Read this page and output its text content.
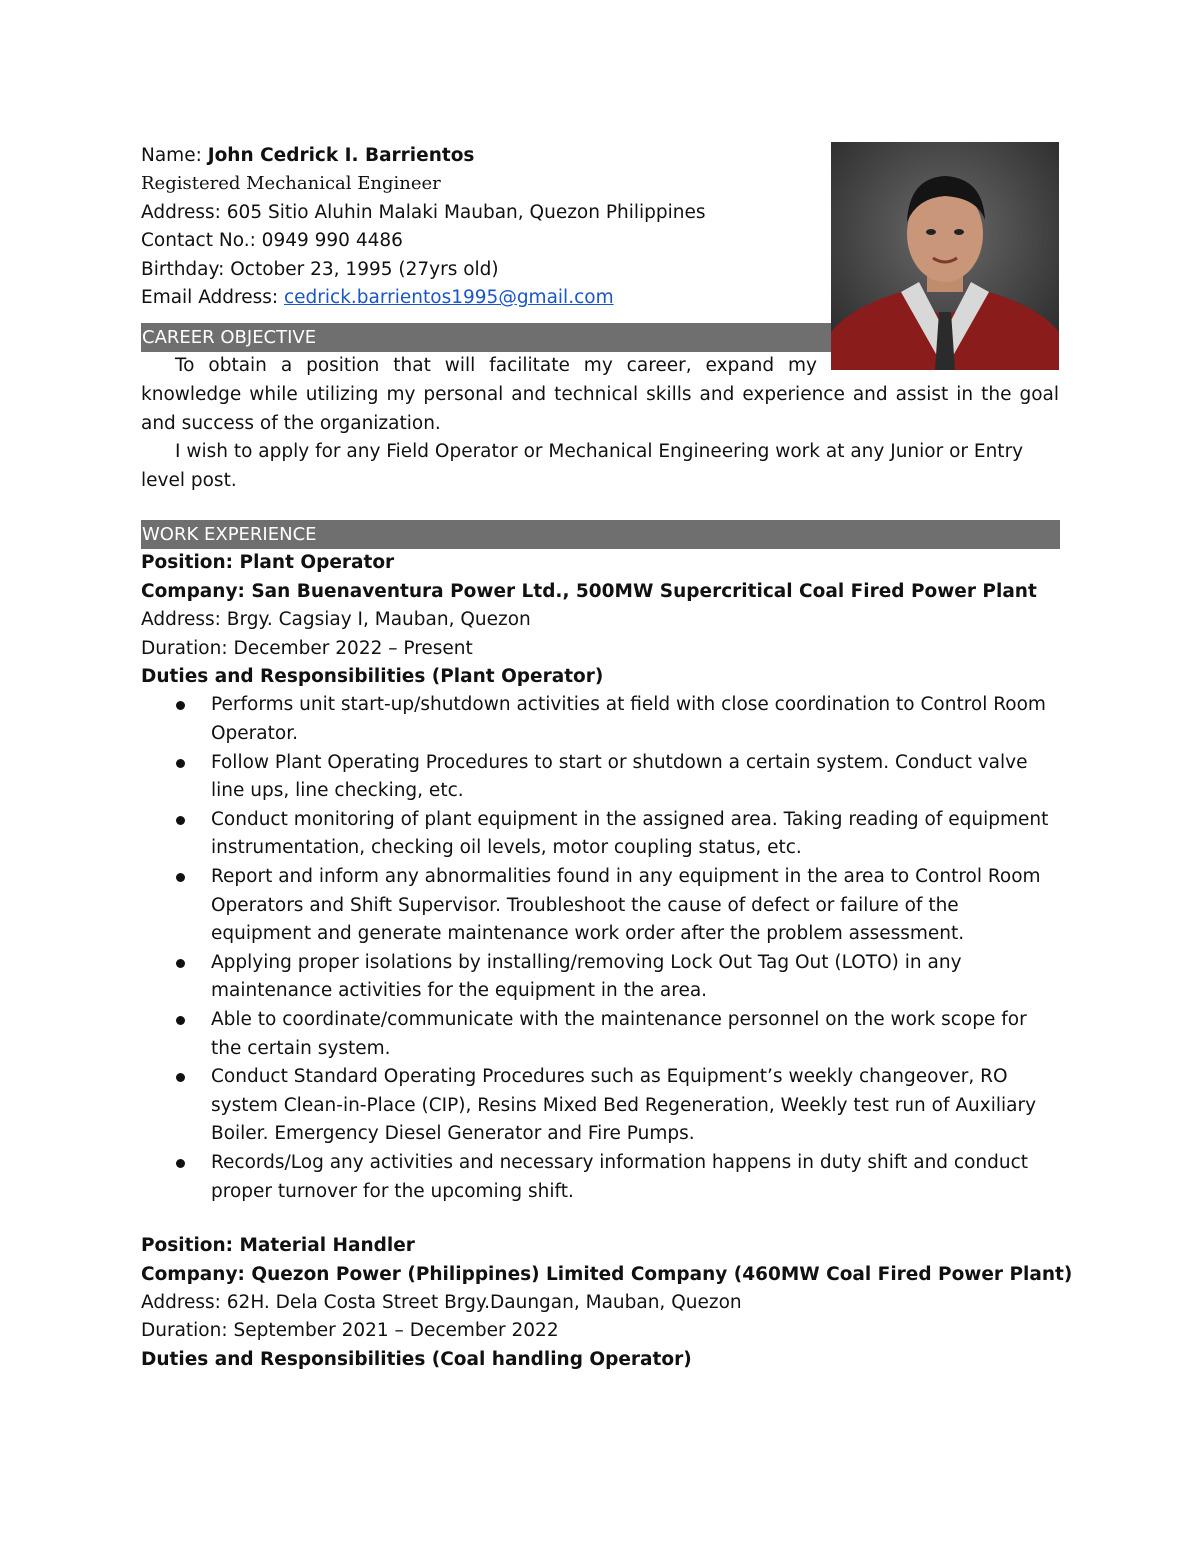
Name: John Cedrick I. Barrientos
Registered Mechanical Engineer
Address: 605 Sitio Aluhin Malaki Mauban, Quezon Philippines
Contact No.: 0949 990 4486
Birthday: October 23, 1995 (27yrs old)
Email Address: cedrick.barrientos1995@gmail.com
CAREER OBJECTIVE
To obtain a position that will facilitate my career, expand my
knowledge while utilizing my personal and technical skills and experience and assist in the goal and success of the organization.
I wish to apply for any Field Operator or Mechanical Engineering work at any Junior or Entry level post.
WORK EXPERIENCE
Position: Plant Operator
Company: San Buenaventura Power Ltd., 500MW Supercritical Coal Fired Power Plant
Address: Brgy. Cagsiay I, Mauban, Quezon
Duration: December 2022 – Present
Duties and Responsibilities (Plant Operator)
Performs unit start-up/shutdown activities at field with close coordination to Control Room Operator.
Follow Plant Operating Procedures to start or shutdown a certain system. Conduct valve line ups, line checking, etc.
Conduct monitoring of plant equipment in the assigned area. Taking reading of equipment instrumentation, checking oil levels, motor coupling status, etc.
Report and inform any abnormalities found in any equipment in the area to Control Room Operators and Shift Supervisor. Troubleshoot the cause of defect or failure of the equipment and generate maintenance work order after the problem assessment.
Applying proper isolations by installing/removing Lock Out Tag Out (LOTO) in any maintenance activities for the equipment in the area.
Able to coordinate/communicate with the maintenance personnel on the work scope for the certain system.
Conduct Standard Operating Procedures such as Equipment’s weekly changeover, RO system Clean-in-Place (CIP), Resins Mixed Bed Regeneration, Weekly test run of Auxiliary Boiler. Emergency Diesel Generator and Fire Pumps.
Records/Log any activities and necessary information happens in duty shift and conduct proper turnover for the upcoming shift.
Position: Material Handler
Company: Quezon Power (Philippines) Limited Company (460MW Coal Fired Power Plant)
Address: 62H. Dela Costa Street Brgy.Daungan, Mauban, Quezon
Duration: September 2021 – December 2022
Duties and Responsibilities (Coal handling Operator)
